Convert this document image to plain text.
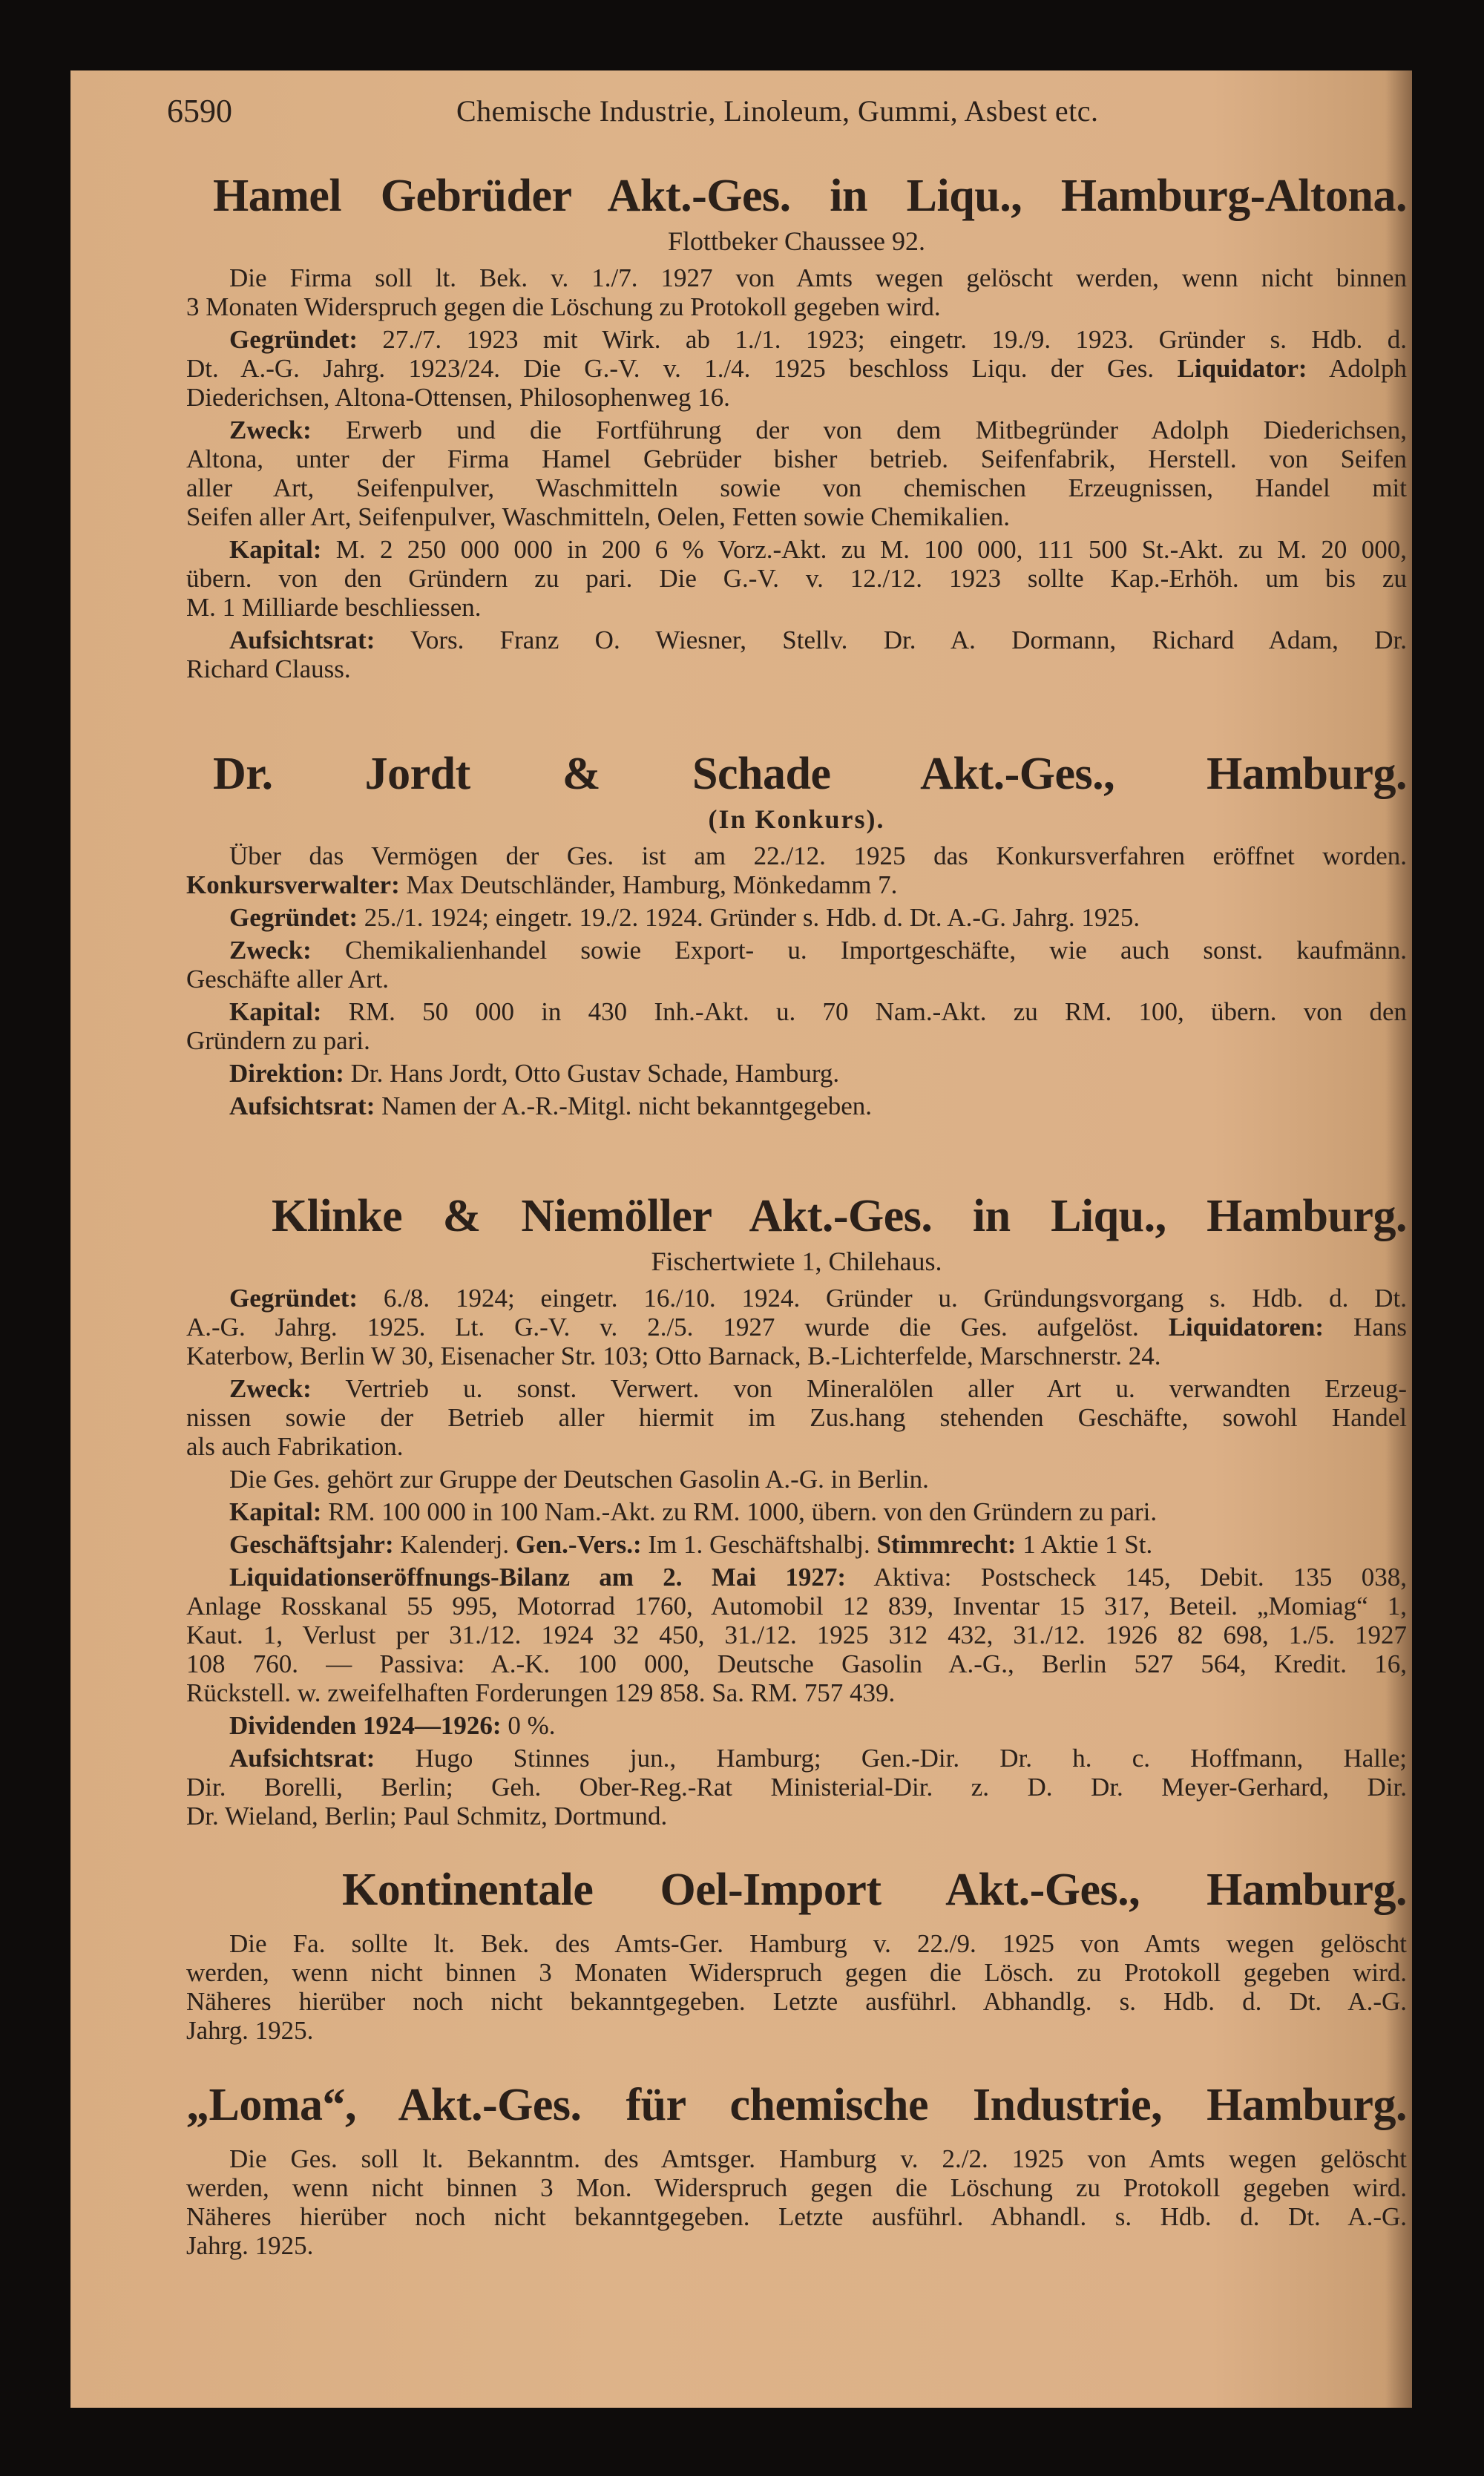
6590	Chemische Industrie, Linoleum, Gummi, Asbest etc.
Hamel Gebrüder Akt.-Ges. in Liqu., Hamburg-Altona.
Flottbeker Chaussee 92.
Die Firma soll lt. Bek. v. 1./7. 1927 von Amts wegen gelöscht werden, wenn nicht binnen
3 Monaten Widerspruch gegen die Löschung zu Protokoll gegeben wird.
Gegründet: 27./7. 1923 mit Wirk. ab 1./1. 1923; eingetr. 19./9. 1923. Gründer s. Hdb. d.
Dt. A.-G. Jahrg. 1923/24. Die G.-V. v. 1./4. 1925 beschloss Liqu. der Ges. Liquidator: Adolph
Diederichsen, Altona-Ottensen, Philosophenweg 16.
Zweck: Erwerb und die Fortführung der von dem Mitbegründer Adolph Diederichsen,
Altona, unter der Firma Hamel Gebrüder bisher betrieb. Seifenfabrik, Herstell. von Seifen
aller Art, Seifenpulver, Waschmitteln sowie von chemischen Erzeugnissen, Handel mit
Seifen aller Art, Seifenpulver, Waschmitteln, Oelen, Fetten sowie Chemikalien.
Kapital: M. 2 250 000 000 in 200 6 % Vorz.-Akt. zu M. 100 000, 111 500 St.-Akt. zu M. 20 000,
übern. von den Gründern zu pari. Die G.-V. v. 12./12. 1923 sollte Kap.-Erhöh. um bis zu
M. 1 Milliarde beschliessen.
Aufsichtsrat: Vors. Franz O. Wiesner, Stellv. Dr. A. Dormann, Richard Adam, Dr.
Richard Clauss.
Dr. Jordt & Schade Akt.-Ges., Hamburg.
(In Konkurs).
Über das Vermögen der Ges. ist am 22./12. 1925 das Konkursverfahren eröffnet worden.
Konkursverwalter: Max Deutschländer, Hamburg, Mönkedamm 7.
Gegründet: 25./1. 1924; eingetr. 19./2. 1924. Gründer s. Hdb. d. Dt. A.-G. Jahrg. 1925.
Zweck: Chemikalienhandel sowie Export- u. Importgeschäfte, wie auch sonst. kaufmänn.
Geschäfte aller Art.
Kapital: RM. 50 000 in 430 Inh.-Akt. u. 70 Nam.-Akt. zu RM. 100, übern. von den
Gründern zu pari.
Direktion: Dr. Hans Jordt, Otto Gustav Schade, Hamburg.
Aufsichtsrat: Namen der A.-R.-Mitgl. nicht bekanntgegeben.
Klinke & Niemöller Akt.-Ges. in Liqu., Hamburg.
Fischertwiete 1, Chilehaus.
Gegründet: 6./8. 1924; eingetr. 16./10. 1924. Gründer u. Gründungsvorgang s. Hdb. d. Dt.
A.-G. Jahrg. 1925. Lt. G.-V. v. 2./5. 1927 wurde die Ges. aufgelöst. Liquidatoren: Hans
Katerbow, Berlin W 30, Eisenacher Str. 103; Otto Barnack, B.-Lichterfelde, Marschnerstr. 24.
Zweck: Vertrieb u. sonst. Verwert. von Mineralölen aller Art u. verwandten Erzeug-
nissen sowie der Betrieb aller hiermit im Zus.hang stehenden Geschäfte, sowohl Handel
als auch Fabrikation.
Die Ges. gehört zur Gruppe der Deutschen Gasolin A.-G. in Berlin.
Kapital: RM. 100 000 in 100 Nam.-Akt. zu RM. 1000, übern. von den Gründern zu pari.
Geschäftsjahr: Kalenderj. Gen.-Vers.: Im 1. Geschäftshalbj. Stimmrecht: 1 Aktie 1 St.
Liquidationseröffnungs-Bilanz am 2. Mai 1927: Aktiva: Postscheck 145, Debit. 135 038,
Anlage Rosskanal 55 995, Motorrad 1760, Automobil 12 839, Inventar 15 317, Beteil. „Momiag“ 1,
Kaut. 1, Verlust per 31./12. 1924 32 450, 31./12. 1925 312 432, 31./12. 1926 82 698, 1./5. 1927
108 760. — Passiva: A.-K. 100 000, Deutsche Gasolin A.-G., Berlin 527 564, Kredit. 16,
Rückstell. w. zweifelhaften Forderungen 129 858. Sa. RM. 757 439.
Dividenden 1924—1926: 0 %.
Aufsichtsrat: Hugo Stinnes jun., Hamburg; Gen.-Dir. Dr. h. c. Hoffmann, Halle;
Dir. Borelli, Berlin; Geh. Ober-Reg.-Rat Ministerial-Dir. z. D. Dr. Meyer-Gerhard, Dir.
Dr. Wieland, Berlin; Paul Schmitz, Dortmund.
Kontinentale Oel-Import Akt.-Ges., Hamburg.
Die Fa. sollte lt. Bek. des Amts-Ger. Hamburg v. 22./9. 1925 von Amts wegen gelöscht
werden, wenn nicht binnen 3 Monaten Widerspruch gegen die Lösch. zu Protokoll gegeben wird.
Näheres hierüber noch nicht bekanntgegeben. Letzte ausführl. Abhandlg. s. Hdb. d. Dt. A.-G.
Jahrg. 1925.
„Loma“, Akt.-Ges. für chemische Industrie, Hamburg.
Die Ges. soll lt. Bekanntm. des Amtsger. Hamburg v. 2./2. 1925 von Amts wegen gelöscht
werden, wenn nicht binnen 3 Mon. Widerspruch gegen die Löschung zu Protokoll gegeben wird.
Näheres hierüber noch nicht bekanntgegeben. Letzte ausführl. Abhandl. s. Hdb. d. Dt. A.-G.
Jahrg. 1925.
